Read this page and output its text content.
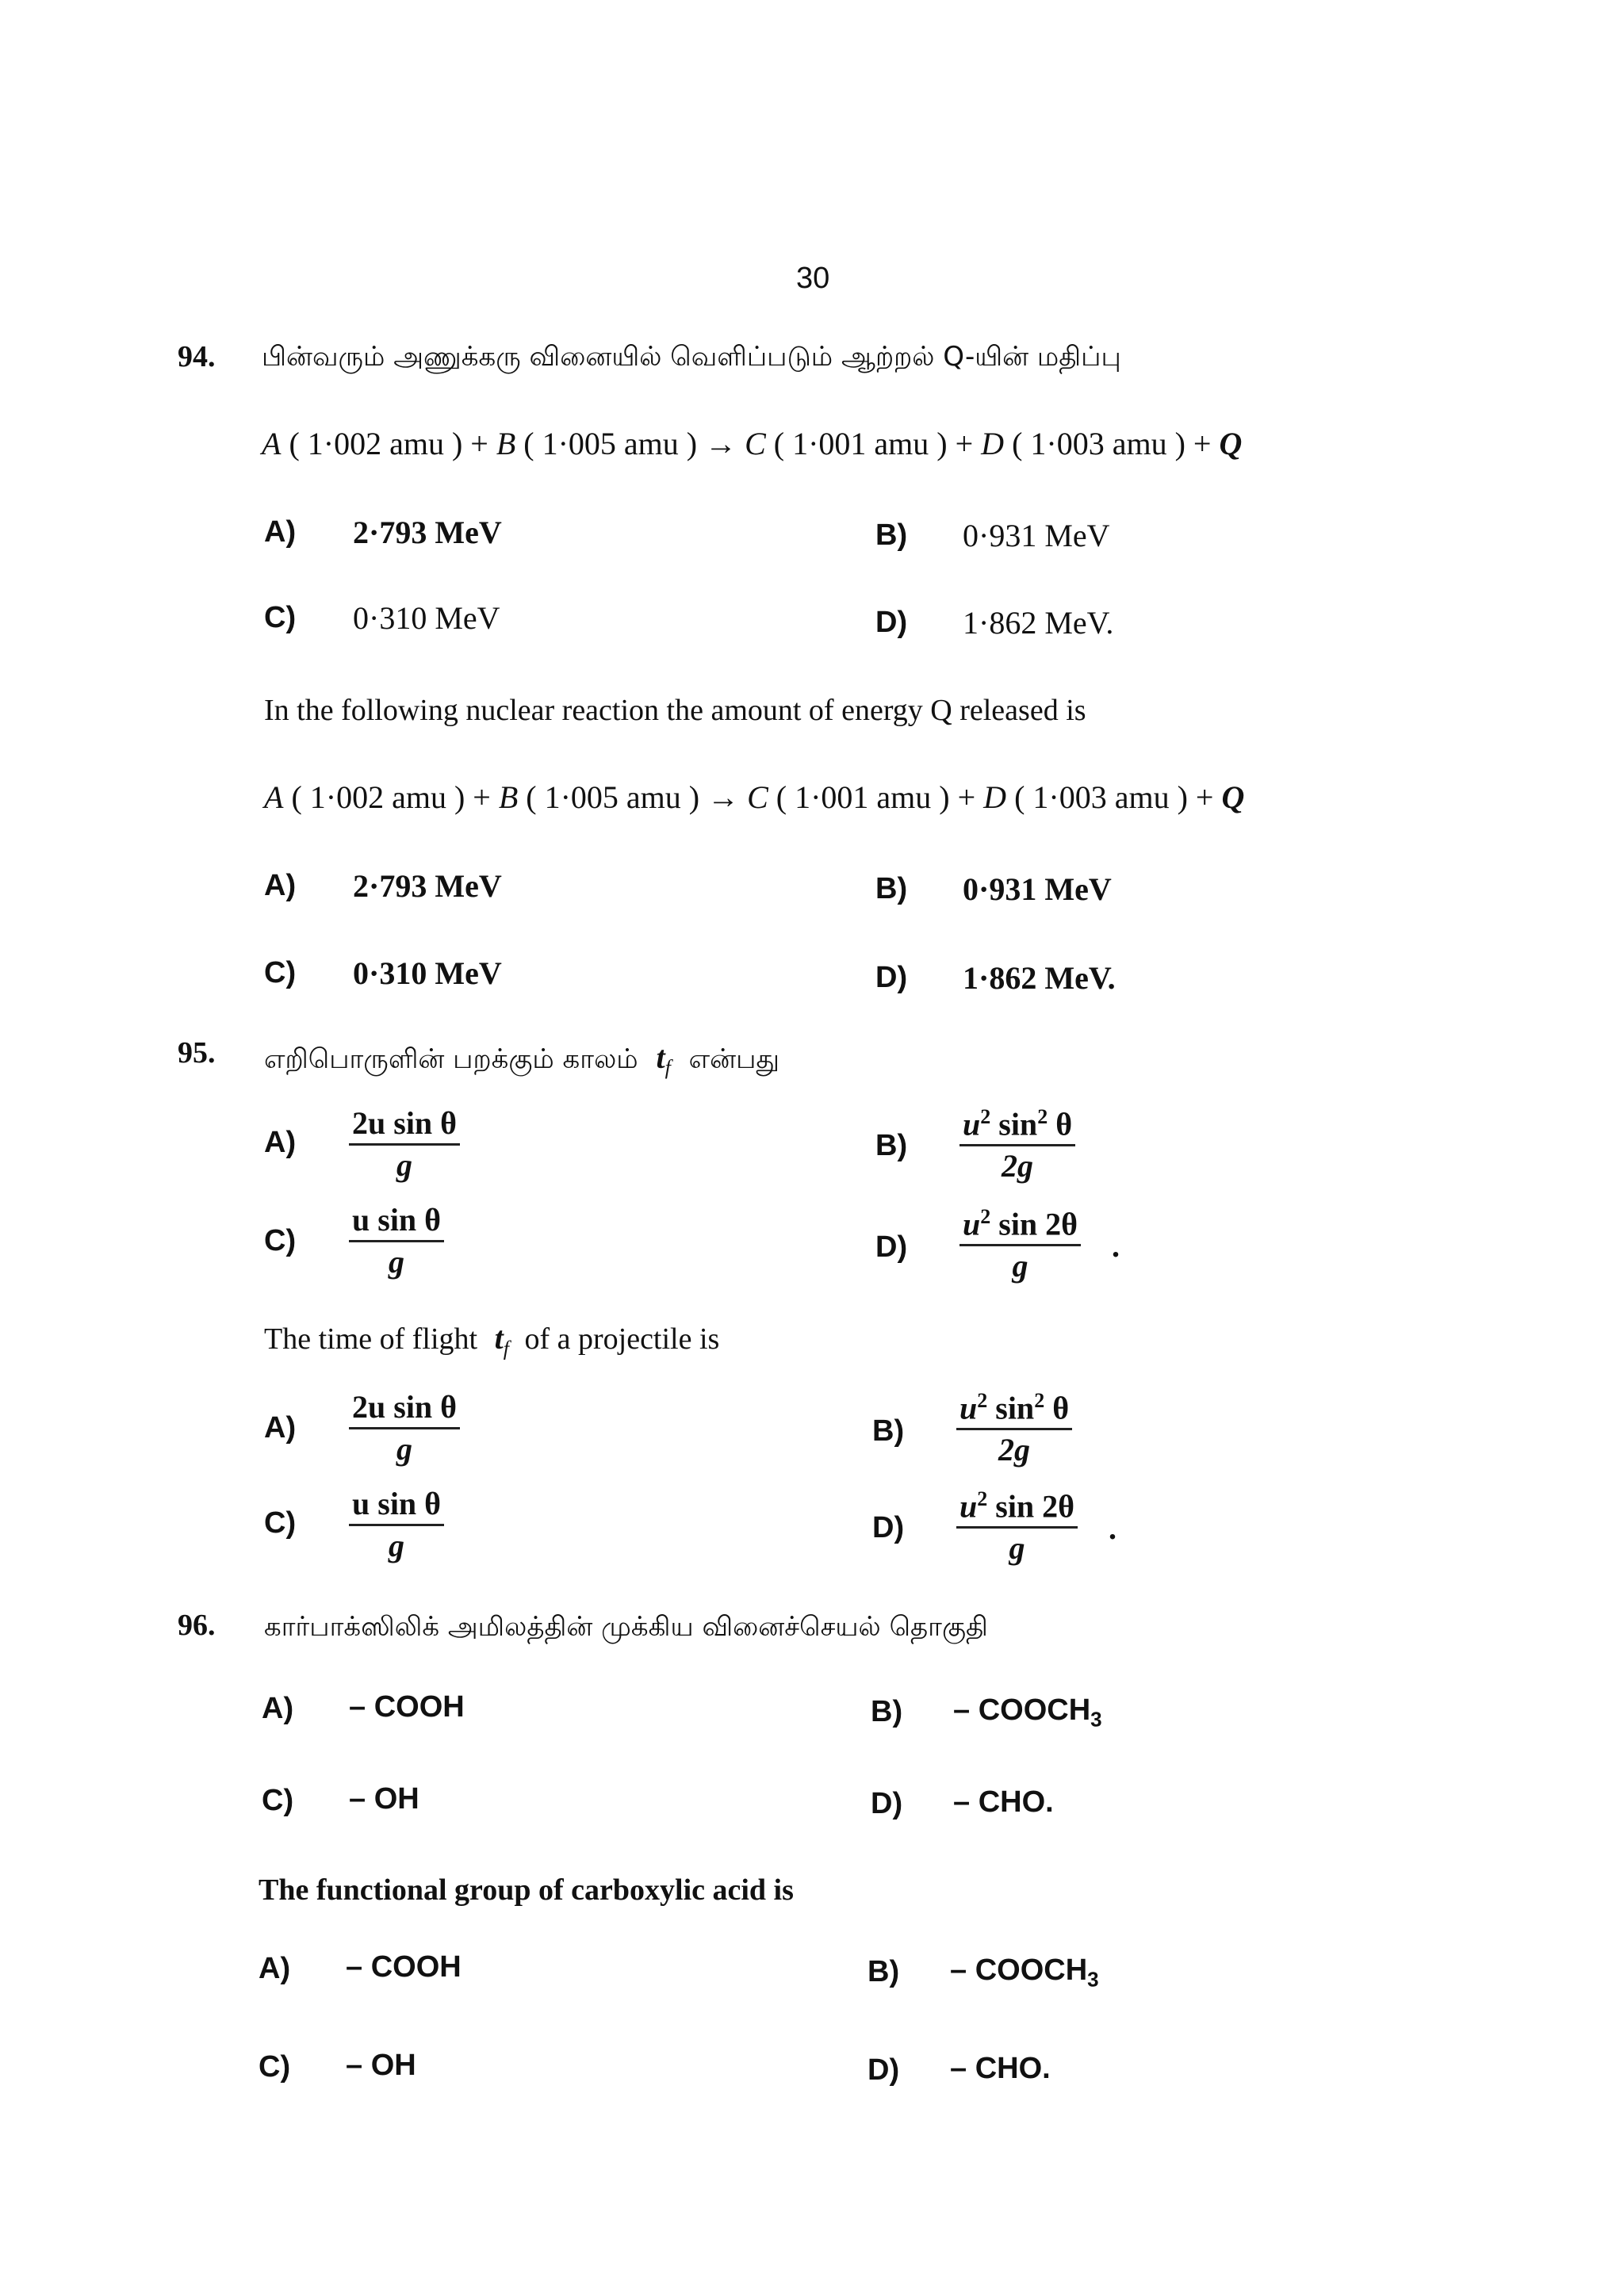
30
94. பின்வரும் அணுக்கரு வினையில் வெளிப்படும் ஆற்றல் Q-யின் மதிப்பு
A ( 1·002 amu ) + B ( 1·005 amu ) → C ( 1·001 amu ) + D ( 1·003 amu ) + Q
A) 2·793 MeV	B) 0·931 MeV
C) 0·310 MeV	D) 1·862 MeV.
In the following nuclear reaction the amount of energy Q released is
A ( 1·002 amu ) + B ( 1·005 amu ) → C ( 1·001 amu ) + D ( 1·003 amu ) + Q
A) 2·793 MeV	B) 0·931 MeV
C) 0·310 MeV	D) 1·862 MeV.
95. எறிபொருளின் பறக்கும் காலம் $t_f$ என்பது
$A) \frac{\text{2u sin θ}}{g}$	$B) \frac{u^2 \sin^2 \theta}{2g}$
$C) \frac{\text{u sin θ}}{g}$	$D) \frac{u^2 \sin 2\theta}{g}$ .
The time of flight $t_f$ of a projectile is
$A) \frac{\text{2u sin θ}}{g}$	$B) \frac{u^2 \sin^2 \theta}{2g}$
$C) \frac{\text{u sin θ}}{g}$	$D) \frac{u^2 \sin 2\theta}{g}$ .
96. கார்பாக்ஸிலிக் அமிலத்தின் முக்கிய வினைச்செயல் தொகுதி
A) – COOH	$B) - COOCH_3$
C) – OH	D) – CHO.
The functional group of carboxylic acid is
A) – COOH	$B) - COOCH_3$
C) – OH	D) – CHO.
